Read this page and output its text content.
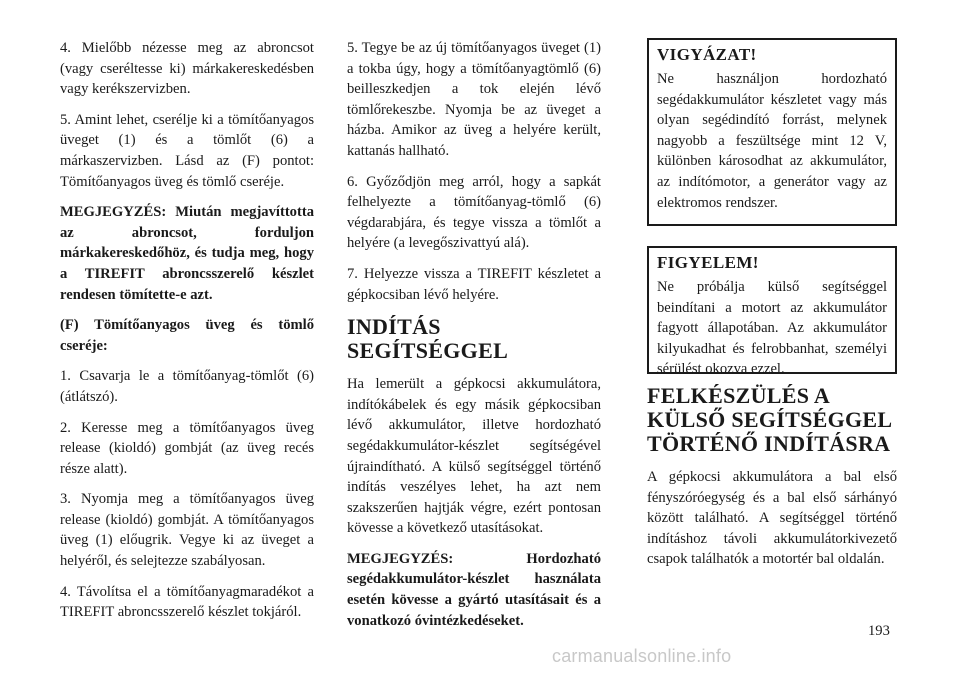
4. Mielőbb nézesse meg az abroncsot (vagy cseréltesse ki) márkakereskedésben vagy kerékszervizben.

5. Amint lehet, cserélje ki a tömítőanyagos üveget (1) és a tömlőt (6) a márkaszervizben. Lásd az (F) pontot: Tömítőanyagos üveg és tömlő cseréje.

MEGJEGYZÉS: Miután megjavíttotta az abroncsot, forduljon márkakereskedőhöz, és tudja meg, hogy a TIREFIT abroncsszerelő készlet rendesen tömítette-e azt.

(F) Tömítőanyagos üveg és tömlő cseréje:

1. Csavarja le a tömítőanyag-tömlőt (6) (átlátszó).

2. Keresse meg a tömítőanyagos üveg release (kioldó) gombját (az üveg recés része alatt).

3. Nyomja meg a tömítőanyagos üveg release (kioldó) gombját. A tömítőanyagos üveg (1) előugrik. Vegye ki az üveget a helyéről, és selejtezze szabályosan.

4. Távolítsa el a tömítőanyagmaradékot a TIREFIT abroncsszerelő készlet tokjáról.

5. Tegye be az új tömítőanyagos üveget (1) a tokba úgy, hogy a tömítőanyagtömlő (6) beilleszkedjen a tok elején lévő tömlőrekeszbe. Nyomja be az üveget a házba. Amikor az üveg a helyére került, kattanás hallható.

6. Győződjön meg arról, hogy a sapkát felhelyezte a tömítőanyag-tömlő (6) végdarabjára, és tegye vissza a tömlőt a helyére (a levegőszivattyú alá).

7. Helyezze vissza a TIREFIT készletet a gépkocsiban lévő helyére.

INDÍTÁS SEGÍTSÉGGEL

Ha lemerült a gépkocsi akkumulátora, indítókábelek és egy másik gépkocsiban lévő akkumulátor, illetve hordozható segédakkumulátor-készlet segítségével újraindítható. A külső segítséggel történő indítás veszélyes lehet, ha azt nem szakszerűen hajtják végre, ezért pontosan kövesse a következő utasításokat.

MEGJEGYZÉS: Hordozható segédakkumulátor-készlet használata esetén kövesse a gyártó utasításait és a vonatkozó óvintézkedéseket.

VIGYÁZAT!

Ne használjon hordozható segédakkumulátor készletet vagy más olyan segédindító forrást, melynek nagyobb a feszültsége mint 12 V, különben károsodhat az akkumulátor, az indítómotor, a generátor vagy az elektromos rendszer.

FIGYELEM!

Ne próbálja külső segítséggel beindítani a motort az akkumulátor fagyott állapotában. Az akkumulátor kilyukadhat és felrobbanhat, személyi sérülést okozva ezzel.

FELKÉSZÜLÉS A KÜLSŐ SEGÍTSÉGGEL TÖRTÉNŐ INDÍTÁSRA

A gépkocsi akkumulátora a bal első fényszóróegység és a bal első sárhányó között található. A segítséggel történő indításhoz távoli akkumulátorkivezető csapok találhatók a motortér bal oldalán.

193
carmanualsonline.info
